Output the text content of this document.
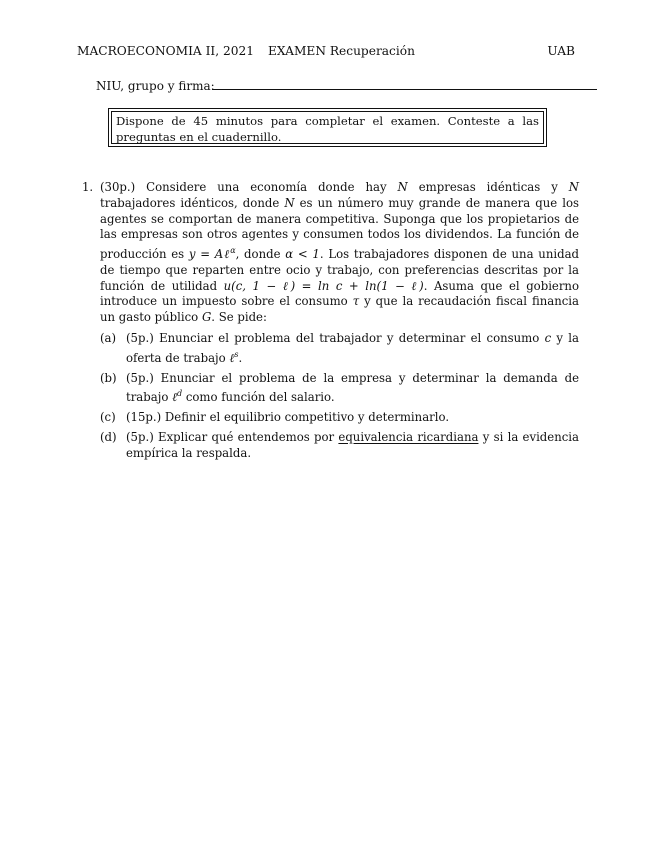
MACROECONOMIA II, 2021 EXAMEN Recuperación	UAB
NIU, grupo y firma:
Dispone de 45 minutos para completar el examen. Conteste a las preguntas en el cuadernillo.
1. (30p.) Considere una economía donde hay N empresas idénticas y N trabajadores idénticos, donde N es un número muy grande de manera que los agentes se comportan de manera competitiva. Suponga que los propietarios de las empresas son otros agentes y consumen todos los dividendos. La función de producción es y = Aℓ$^\alpha$, donde α < 1. Los trabajadores disponen de una unidad de tiempo que reparten entre ocio y trabajo, con preferencias descritas por la función de utilidad u(c, 1 − ℓ) = ln c + ln(1 − ℓ). Asuma que el gobierno introduce un impuesto sobre el consumo τ y que la recaudación fiscal financia un gasto público G. Se pide:
(a) (5p.) Enunciar el problema del trabajador y determinar el consumo c y la oferta de trabajo ℓ$^s$.
(b) (5p.) Enunciar el problema de la empresa y determinar la demanda de trabajo ℓ$^d$ como función del salario.
(c) (15p.) Definir el equilibrio competitivo y determinarlo.
(d) (5p.) Explicar qué entendemos por equivalencia ricardiana y si la evidencia empírica la respalda.
